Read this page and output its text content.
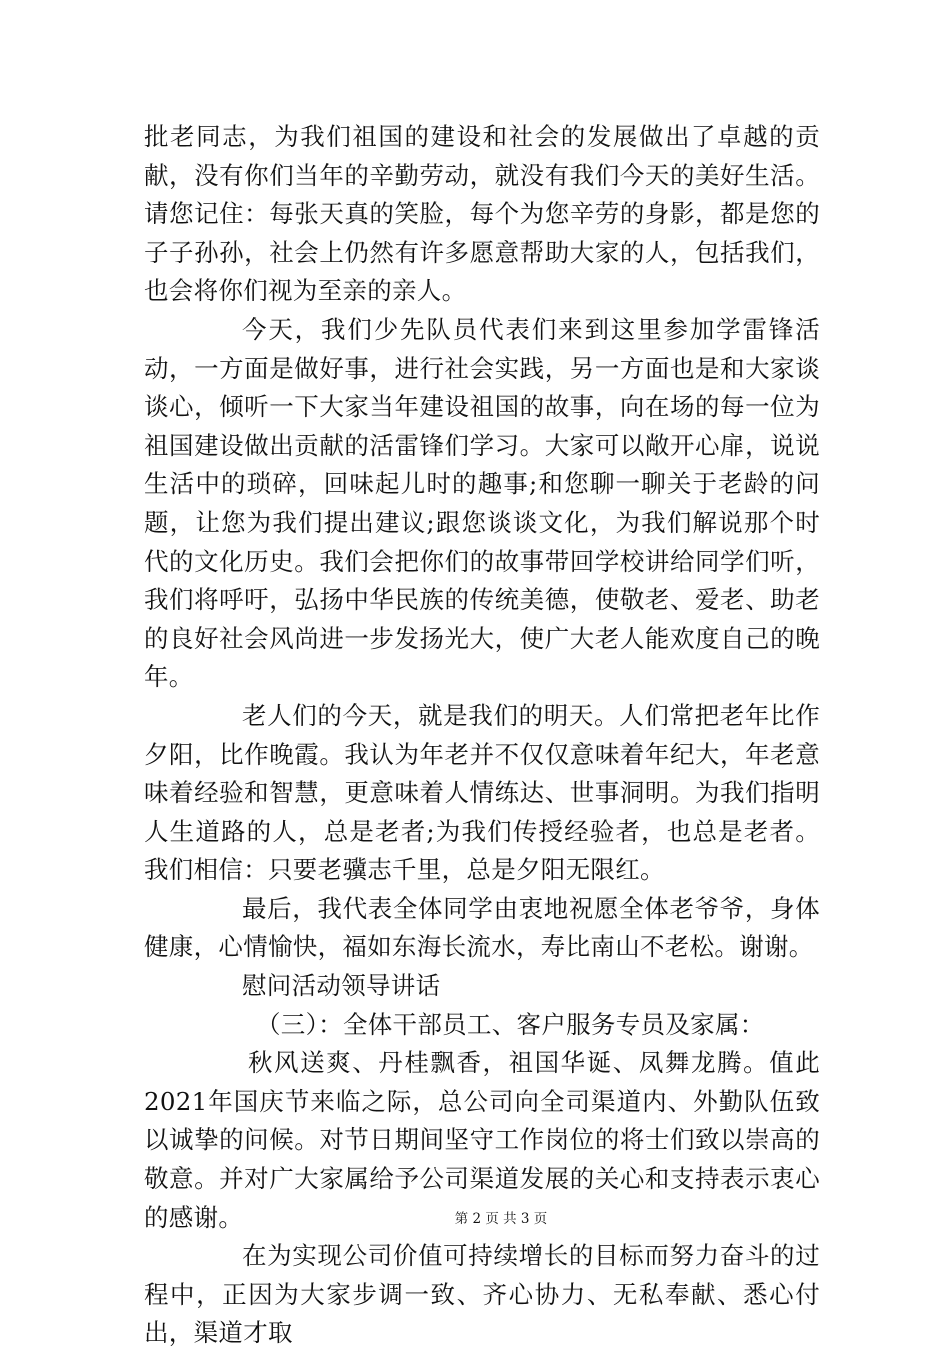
批老同志，为我们祖国的建设和社会的发展做出了卓越的贡献，没有你们当年的辛勤劳动，就没有我们今天的美好生活。请您记住：每张天真的笑脸，每个为您辛劳的身影，都是您的子子孙孙，社会上仍然有许多愿意帮助大家的人，包括我们，也会将你们视为至亲的亲人。

今天，我们少先队员代表们来到这里参加学雷锋活动，一方面是做好事，进行社会实践，另一方面也是和大家谈谈心，倾听一下大家当年建设祖国的故事，向在场的每一位为祖国建设做出贡献的活雷锋们学习。大家可以敞开心扉，说说生活中的琐碎，回味起儿时的趣事;和您聊一聊关于老龄的问题，让您为我们提出建议;跟您谈谈文化，为我们解说那个时代的文化历史。我们会把你们的故事带回学校讲给同学们听，我们将呼吁，弘扬中华民族的传统美德，使敬老、爱老、助老的良好社会风尚进一步发扬光大，使广大老人能欢度自己的晚年。

老人们的今天，就是我们的明天。人们常把老年比作夕阳，比作晚霞。我认为年老并不仅仅意味着年纪大，年老意味着经验和智慧，更意味着人情练达、世事洞明。为我们指明人生道路的人，总是老者;为我们传授经验者，也总是老者。我们相信：只要老骥志千里，总是夕阳无限红。

最后，我代表全体同学由衷地祝愿全体老爷爷，身体健康，心情愉快，福如东海长流水，寿比南山不老松。谢谢。

慰问活动领导讲话

（三）：全体干部员工、客户服务专员及家属：

秋风送爽、丹桂飘香，祖国华诞、凤舞龙腾。值此2021年国庆节来临之际，总公司向全司渠道内、外勤队伍致以诚挚的问候。对节日期间坚守工作岗位的将士们致以崇高的敬意。并对广大家属给予公司渠道发展的关心和支持表示衷心的感谢。

在为实现公司价值可持续增长的目标而努力奋斗的过程中，正因为大家步调一致、齐心协力、无私奉献、悉心付出，渠道才取

第 2 页 共 3 页
